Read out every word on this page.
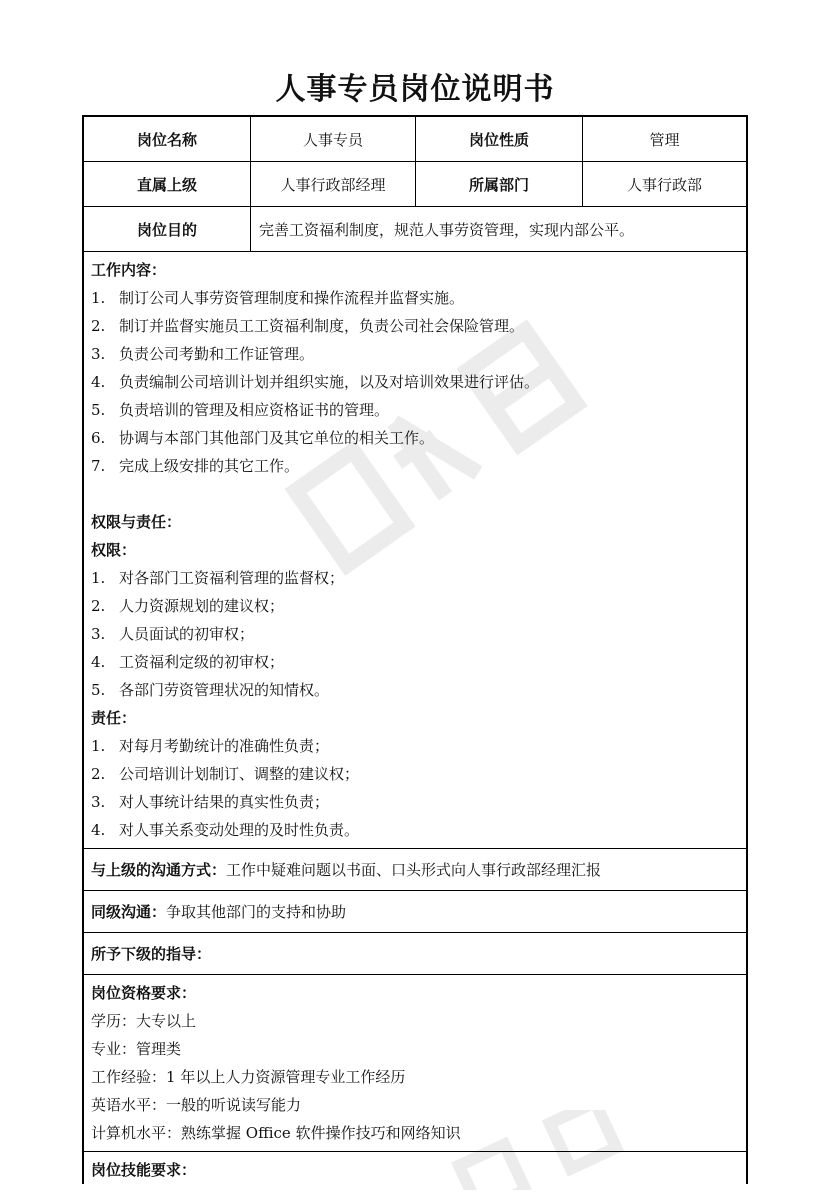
人事专员岗位说明书
岗位名称	人事专员	岗位性质	管理
直属上级	人事行政部经理	所属部门	人事行政部
岗位目的	完善工资福利制度，规范人事劳资管理，实现内部公平。
工作内容：
1. 制订公司人事劳资管理制度和操作流程并监督实施。
2. 制订并监督实施员工工资福利制度，负责公司社会保险管理。
3. 负责公司考勤和工作证管理。
4. 负责编制公司培训计划并组织实施，以及对培训效果进行评估。
5. 负责培训的管理及相应资格证书的管理。
6. 协调与本部门其他部门及其它单位的相关工作。
7. 完成上级安排的其它工作。
权限与责任：
权限：
1. 对各部门工资福利管理的监督权；
2. 人力资源规划的建议权；
3. 人员面试的初审权；
4. 工资福利定级的初审权；
5. 各部门劳资管理状况的知情权。
责任：
1. 对每月考勤统计的准确性负责；
2. 公司培训计划制订、调整的建议权；
3. 对人事统计结果的真实性负责；
4. 对人事关系变动处理的及时性负责。
与上级的沟通方式： 工作中疑难问题以书面、口头形式向人事行政部经理汇报
同级沟通： 争取其他部门的支持和协助
所予下级的指导：
岗位资格要求：
学历：大专以上
专业：管理类
工作经验：1 年以上人力资源管理专业工作经历
英语水平：一般的听说读写能力
计算机水平：熟练掌握 Office 软件操作技巧和网络知识
岗位技能要求：
